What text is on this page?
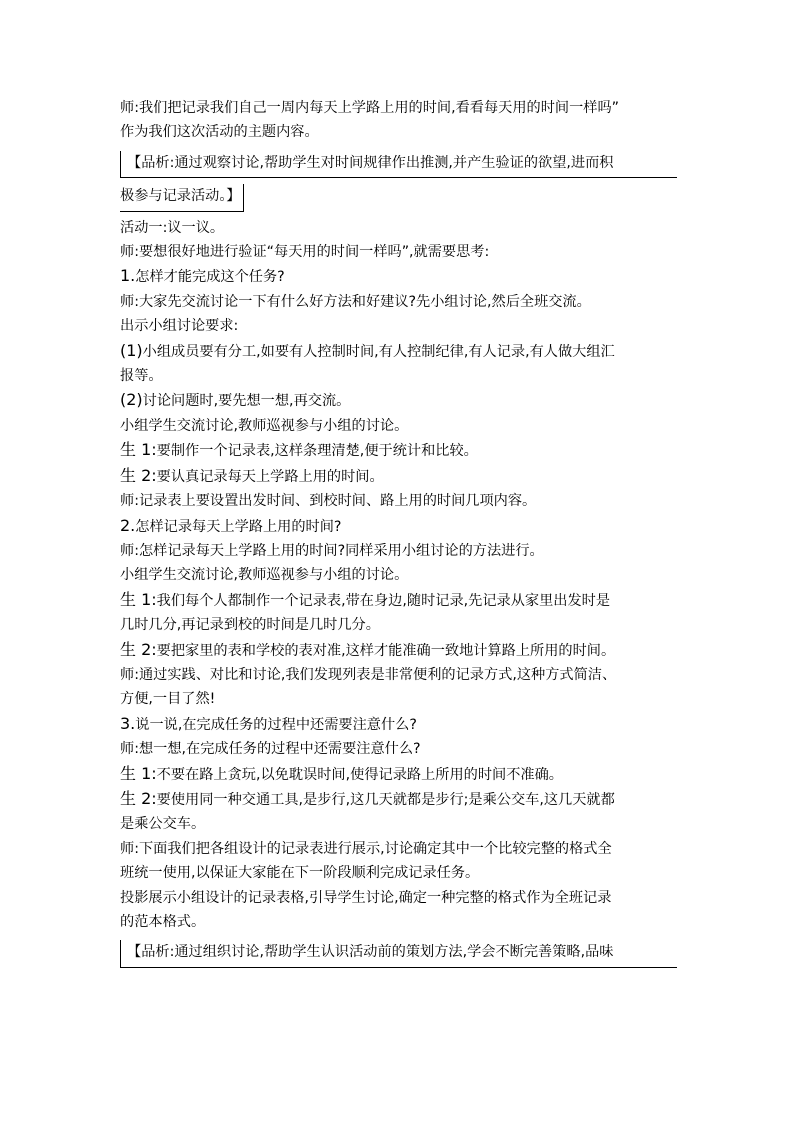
师:我们把记录我们自己一周内每天上学路上用的时间,看看每天用的时间一样吗”

作为我们这次活动的主题内容。

【品析:通过观察讨论,帮助学生对时间规律作出推测,并产生验证的欲望,进而积
极参与记录活动。】

活动一:议一议。

师:要想很好地进行验证“每天用的时间一样吗”,就需要思考:

1.怎样才能完成这个任务?

师:大家先交流讨论一下有什么好方法和好建议?先小组讨论,然后全班交流。

出示小组讨论要求:

(1)小组成员要有分工,如要有人控制时间,有人控制纪律,有人记录,有人做大组汇

报等。

(2)讨论问题时,要先想一想,再交流。

小组学生交流讨论,教师巡视参与小组的讨论。

生 1:要制作一个记录表,这样条理清楚,便于统计和比较。

生 2:要认真记录每天上学路上用的时间。

师:记录表上要设置出发时间、到校时间、路上用的时间几项内容。

2.怎样记录每天上学路上用的时间?

师:怎样记录每天上学路上用的时间?同样采用小组讨论的方法进行。

小组学生交流讨论,教师巡视参与小组的讨论。

生 1:我们每个人都制作一个记录表,带在身边,随时记录,先记录从家里出发时是

几时几分,再记录到校的时间是几时几分。

生 2:要把家里的表和学校的表对准,这样才能准确一致地计算路上所用的时间。

师:通过实践、对比和讨论,我们发现列表是非常便利的记录方式,这种方式简洁、

方便,一目了然!

3.说一说,在完成任务的过程中还需要注意什么?

师:想一想,在完成任务的过程中还需要注意什么?

生 1:不要在路上贪玩,以免耽误时间,使得记录路上所用的时间不准确。

生 2:要使用同一种交通工具,是步行,这几天就都是步行;是乘公交车,这几天就都

是乘公交车。

师:下面我们把各组设计的记录表进行展示,讨论确定其中一个比较完整的格式全

班统一使用,以保证大家能在下一阶段顺利完成记录任务。

投影展示小组设计的记录表格,引导学生讨论,确定一种完整的格式作为全班记录

的范本格式。

【品析:通过组织讨论,帮助学生认识活动前的策划方法,学会不断完善策略,品味
